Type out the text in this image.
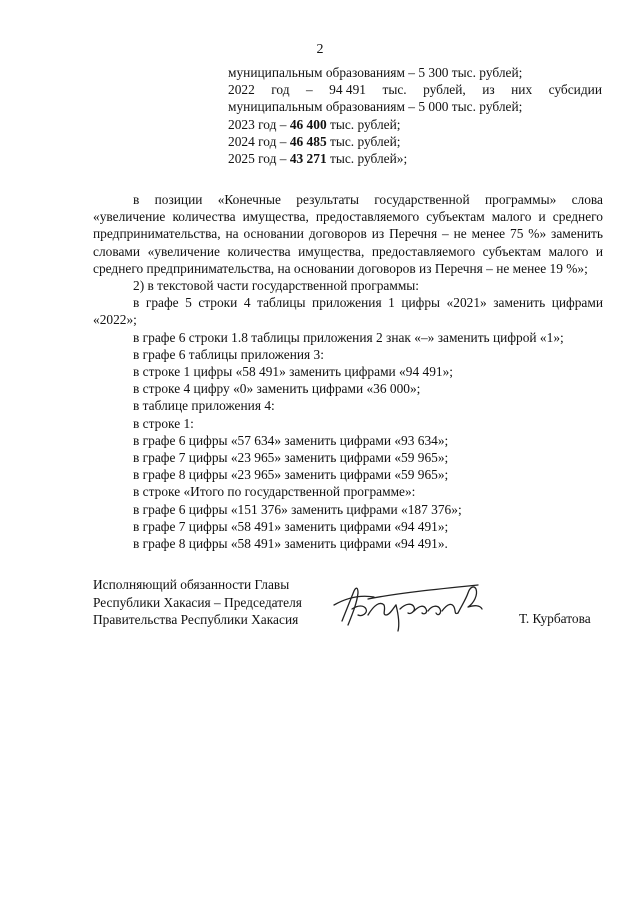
2
муниципальным образованиям – 5 300 тыс. рублей;
2022 год – 94 491 тыс. рублей, из них субсидии
муниципальным образованиям – 5 000 тыс. рублей;
2023 год – 46 400 тыс. рублей;
2024 год – 46 485 тыс. рублей;
2025 год – 43 271 тыс. рублей»;

в позиции «Конечные результаты государственной программы» слова «увеличение количества имущества, предоставляемого субъектам малого и среднего предпринимательства, на основании договоров из Перечня – не менее 75 %» заменить словами «увеличение количества имущества, предоставляемого субъектам малого и среднего предпринимательства, на основании договоров из Перечня – не менее 19 %»;

2) в текстовой части государственной программы:

в графе 5 строки 4 таблицы приложения 1 цифры «2021» заменить цифрами «2022»;

в графе 6 строки 1.8 таблицы приложения 2 знак «–» заменить цифрой «1»;

в графе 6 таблицы приложения 3:

в строке 1 цифры «58 491» заменить цифрами «94 491»;

в строке 4 цифру «0» заменить цифрами «36 000»;

в таблице приложения 4:

в строке 1:

в графе 6 цифры «57 634» заменить цифрами «93 634»;

в графе 7 цифры «23 965» заменить цифрами «59 965»;

в графе 8 цифры «23 965» заменить цифрами «59 965»;

в строке «Итого по государственной программе»:

в графе 6 цифры «151 376» заменить цифрами «187 376»;

в графе 7 цифры «58 491» заменить цифрами «94 491»;

в графе 8 цифры «58 491» заменить цифрами «94 491».

Исполняющий обязанности Главы
Республики Хакасия – Председателя
Правительства Республики Хакасия	Т. Курбатова
